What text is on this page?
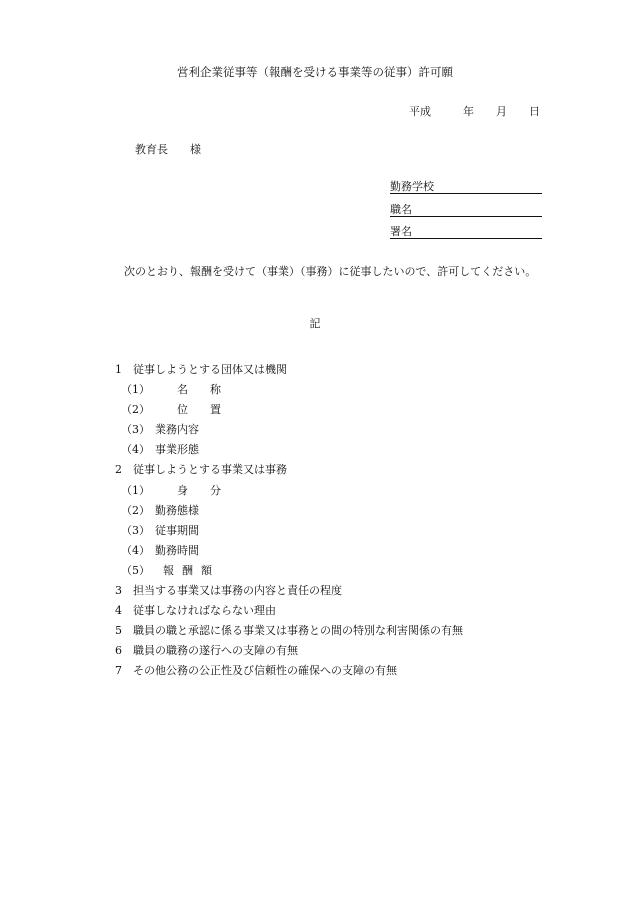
営利企業従事等（報酬を受ける事業等の従事）許可願
平成	年 月 日
教育長 様
勤務学校
職名
署名
次のとおり、報酬を受けて（事業）（事務）に従事したいので、許可してください。
記
1 従事しようとする団体又は機関
（1） 名 称
（2） 位 置
（3） 業務内容
（4） 事業形態
2 従事しようとする事業又は事務
（1） 身 分
（2） 勤務態様
（3） 従事期間
（4） 勤務時間
（5） 報 酬 額
3 担当する事業又は事務の内容と責任の程度
4 従事しなければならない理由
5 職員の職と承認に係る事業又は事務との間の特別な利害関係の有無
6 職員の職務の遂行への支障の有無
7 その他公務の公正性及び信頼性の確保への支障の有無
